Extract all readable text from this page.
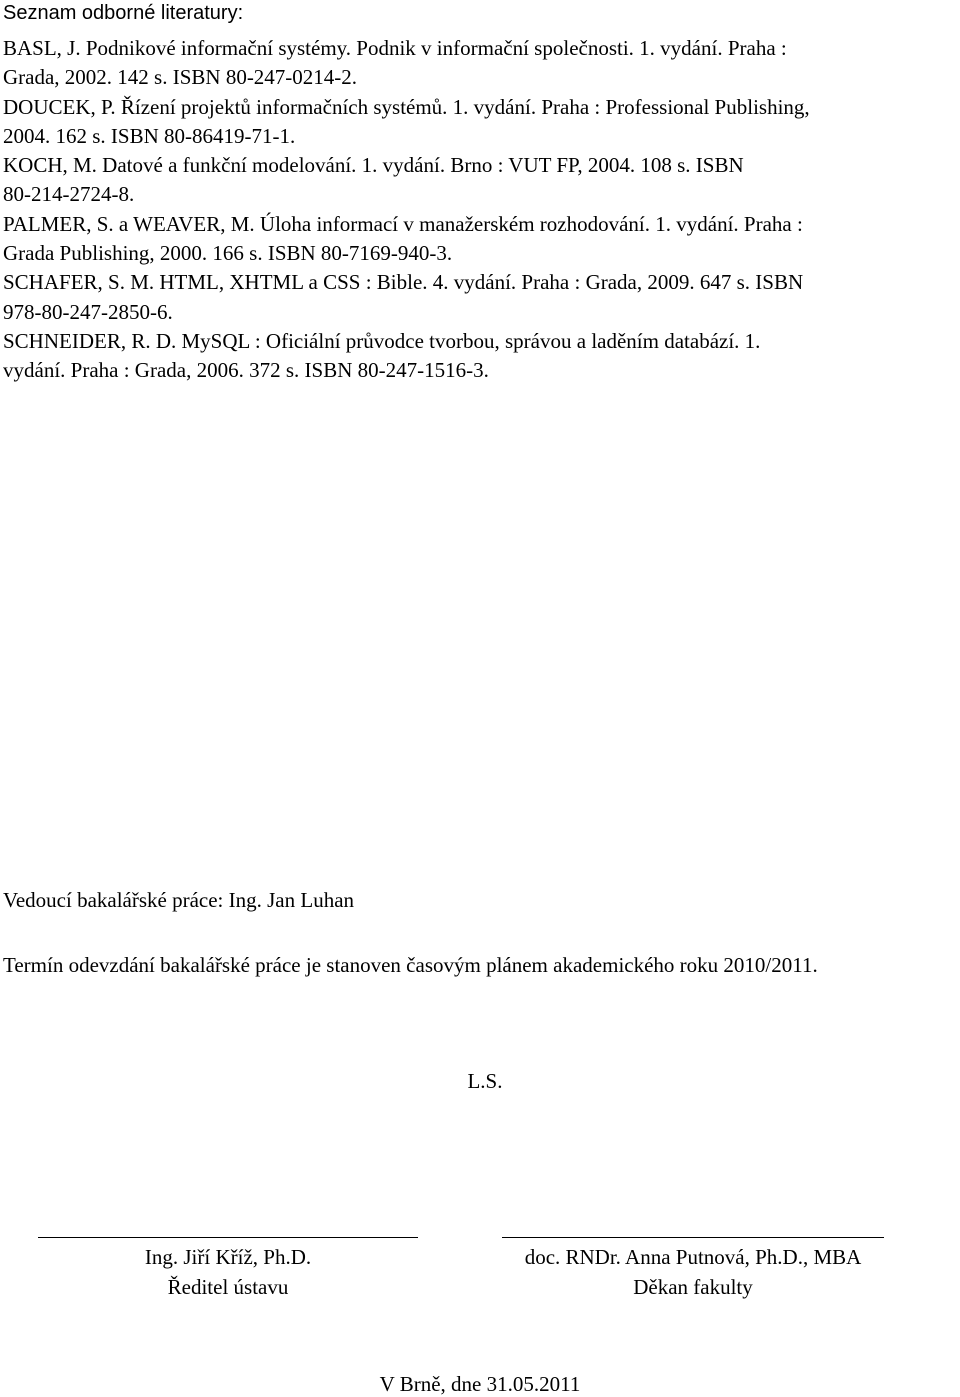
Seznam odborné literatury:
BASL, J. Podnikové informační systémy. Podnik v informační společnosti. 1. vydání. Praha :
Grada, 2002. 142 s. ISBN 80-247-0214-2.
DOUCEK, P. Řízení projektů informačních systémů. 1. vydání. Praha : Professional Publishing,
2004. 162 s. ISBN 80-86419-71-1.
KOCH, M. Datové a funkční modelování. 1. vydání. Brno : VUT FP, 2004. 108 s. ISBN
80-214-2724-8.
PALMER, S. a WEAVER, M. Úloha informací v manažerském rozhodování. 1. vydání. Praha :
Grada Publishing, 2000. 166 s. ISBN 80-7169-940-3.
SCHAFER, S. M. HTML, XHTML a CSS : Bible. 4. vydání. Praha : Grada, 2009. 647 s. ISBN
978-80-247-2850-6.
SCHNEIDER, R. D. MySQL : Oficiální průvodce tvorbou, správou a laděním databází. 1.
vydání. Praha : Grada, 2006. 372 s. ISBN 80-247-1516-3.
Vedoucí bakalářské práce: Ing. Jan Luhan
Termín odevzdání bakalářské práce je stanoven časovým plánem akademického roku 2010/2011.
L.S.
Ing. Jiří Kříž, Ph.D.
Ředitel ústavu
doc. RNDr. Anna Putnová, Ph.D., MBA
Děkan fakulty
V Brně, dne 31.05.2011
